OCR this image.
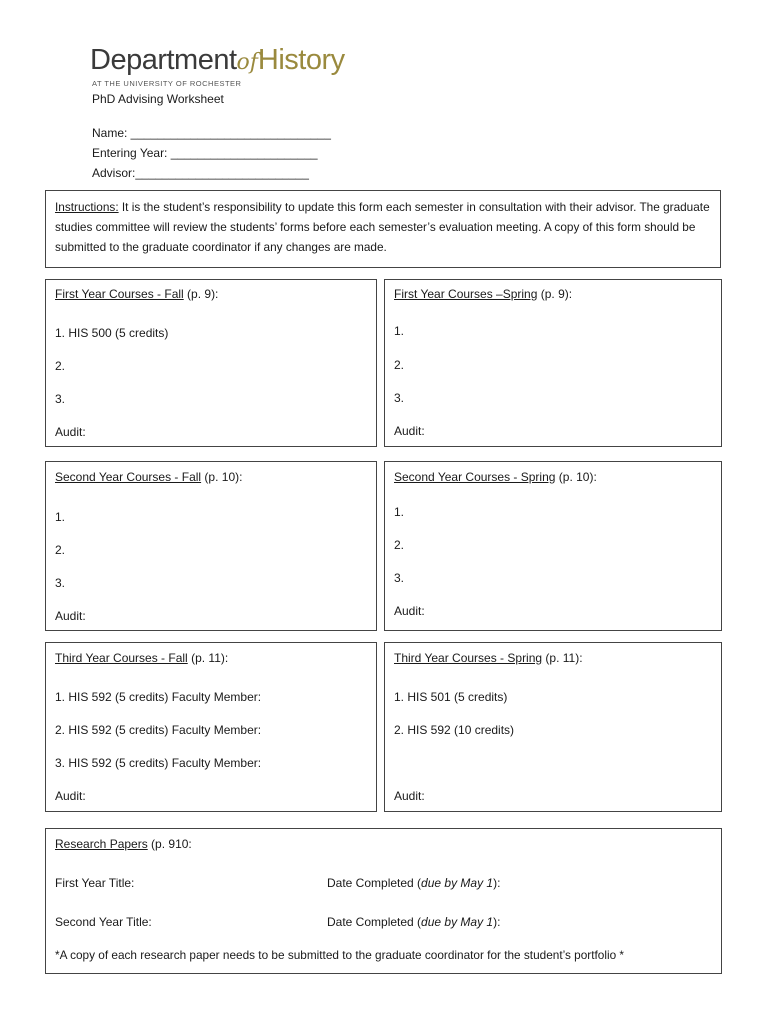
DepartmentofHistory
AT THE UNIVERSITY OF ROCHESTER
PhD Advising Worksheet
Name: ______________________________
Entering Year: ______________________
Advisor:__________________________
Instructions: It is the student’s responsibility to update this form each semester in consultation with their advisor. The graduate studies committee will review the students’ forms before each semester’s evaluation meeting. A copy of this form should be submitted to the graduate coordinator if any changes are made.
First Year Courses - Fall (p. 9):
1. HIS 500 (5 credits)
2.
3.
Audit:
First Year Courses –Spring (p. 9):
1.
2.
3.
Audit:
Second Year Courses - Fall (p. 10):
1.
2.
3.
Audit:
Second Year Courses - Spring (p. 10):
1.
2.
3.
Audit:
Third Year Courses - Fall (p. 11):
1. HIS 592 (5 credits) Faculty Member:
2. HIS 592 (5 credits) Faculty Member:
3. HIS 592 (5 credits) Faculty Member:
Audit:
Third Year Courses - Spring (p. 11):
1. HIS 501 (5 credits)
2. HIS 592 (10 credits)
Audit:
Research Papers (p. 910:
First Year Title:	Date Completed (due by May 1):
Second Year Title:	Date Completed (due by May 1):
*A copy of each research paper needs to be submitted to the graduate coordinator for the student’s portfolio *
